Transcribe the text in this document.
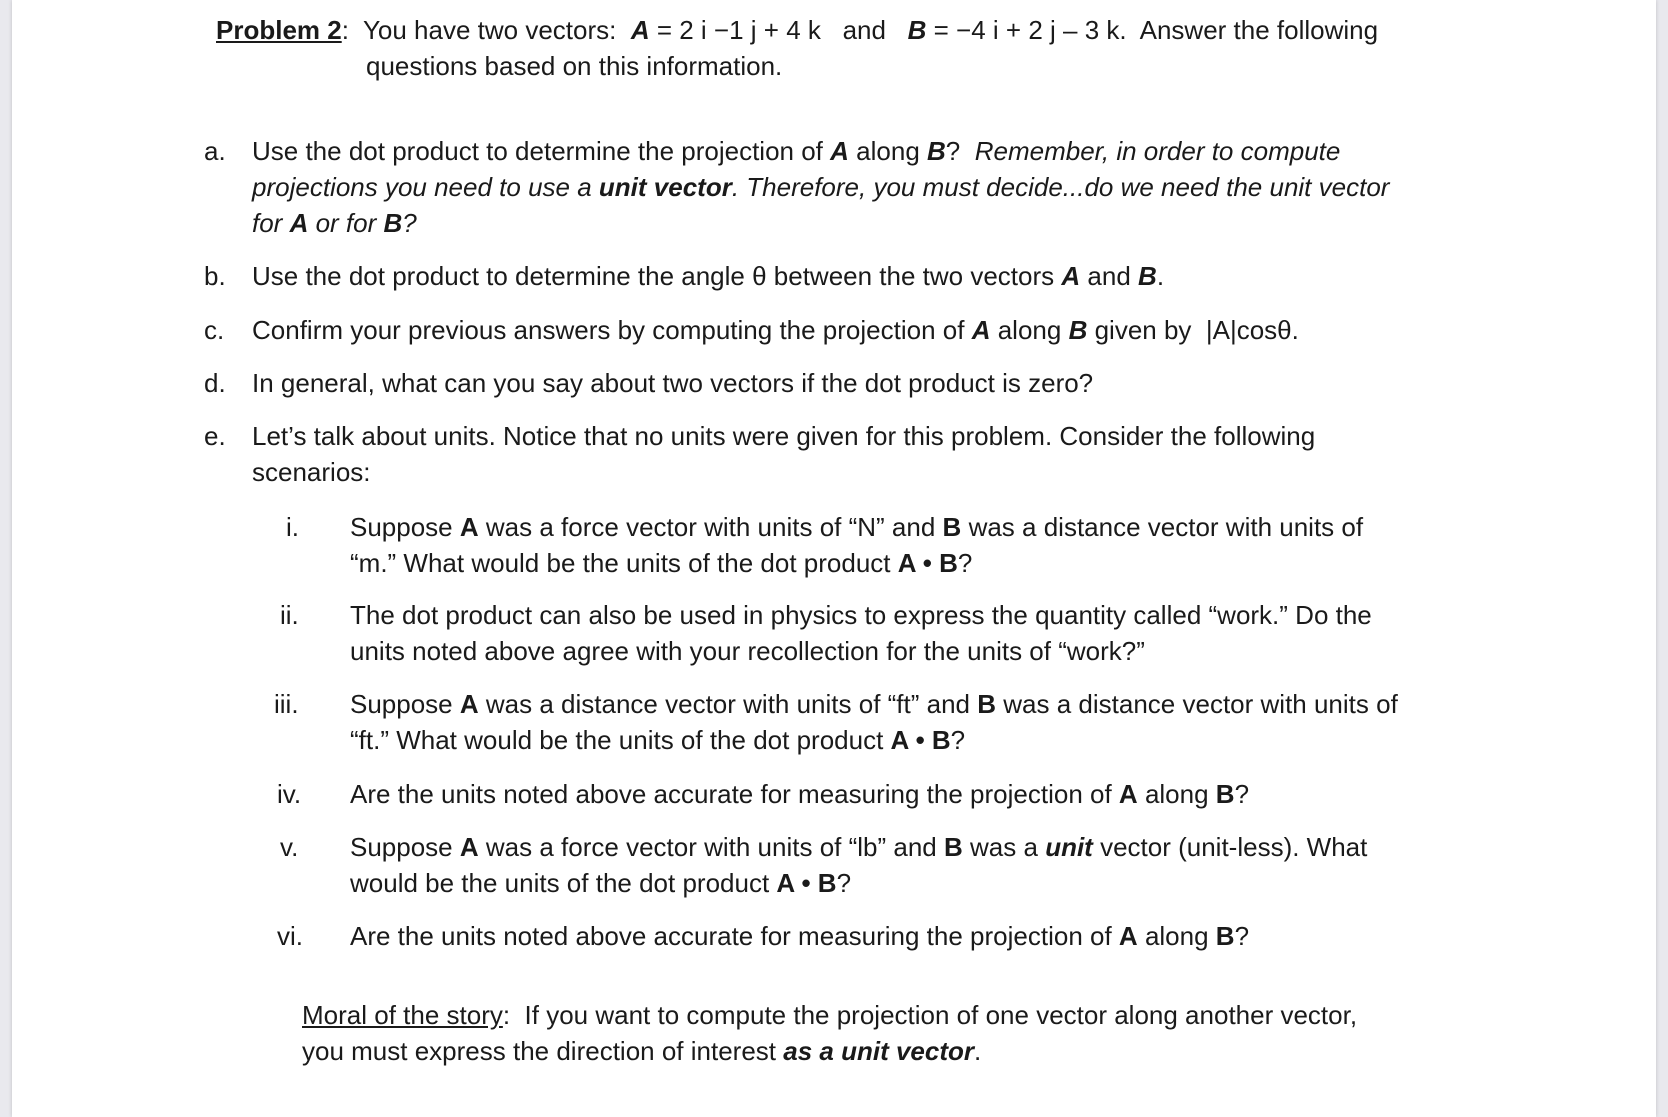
Problem 2: You have two vectors: A = 2 i −1 j + 4 k and B = −4 i + 2 j – 3 k. Answer the following
questions based on this information.
a. Use the dot product to determine the projection of A along B? Remember, in order to compute
projections you need to use a unit vector. Therefore, you must decide...do we need the unit vector
for A or for B?
b. Use the dot product to determine the angle θ between the two vectors A and B.
c. Confirm your previous answers by computing the projection of A along B given by |A|cosθ.
d. In general, what can you say about two vectors if the dot product is zero?
e. Let’s talk about units. Notice that no units were given for this problem. Consider the following
scenarios:
i. Suppose A was a force vector with units of “N” and B was a distance vector with units of
“m.” What would be the units of the dot product A • B?
ii. The dot product can also be used in physics to express the quantity called “work.” Do the
units noted above agree with your recollection for the units of “work?”
iii. Suppose A was a distance vector with units of “ft” and B was a distance vector with units of
“ft.” What would be the units of the dot product A • B?
iv. Are the units noted above accurate for measuring the projection of A along B?
v. Suppose A was a force vector with units of “lb” and B was a unit vector (unit-less). What
would be the units of the dot product A • B?
vi. Are the units noted above accurate for measuring the projection of A along B?
Moral of the story: If you want to compute the projection of one vector along another vector,
you must express the direction of interest as a unit vector.
